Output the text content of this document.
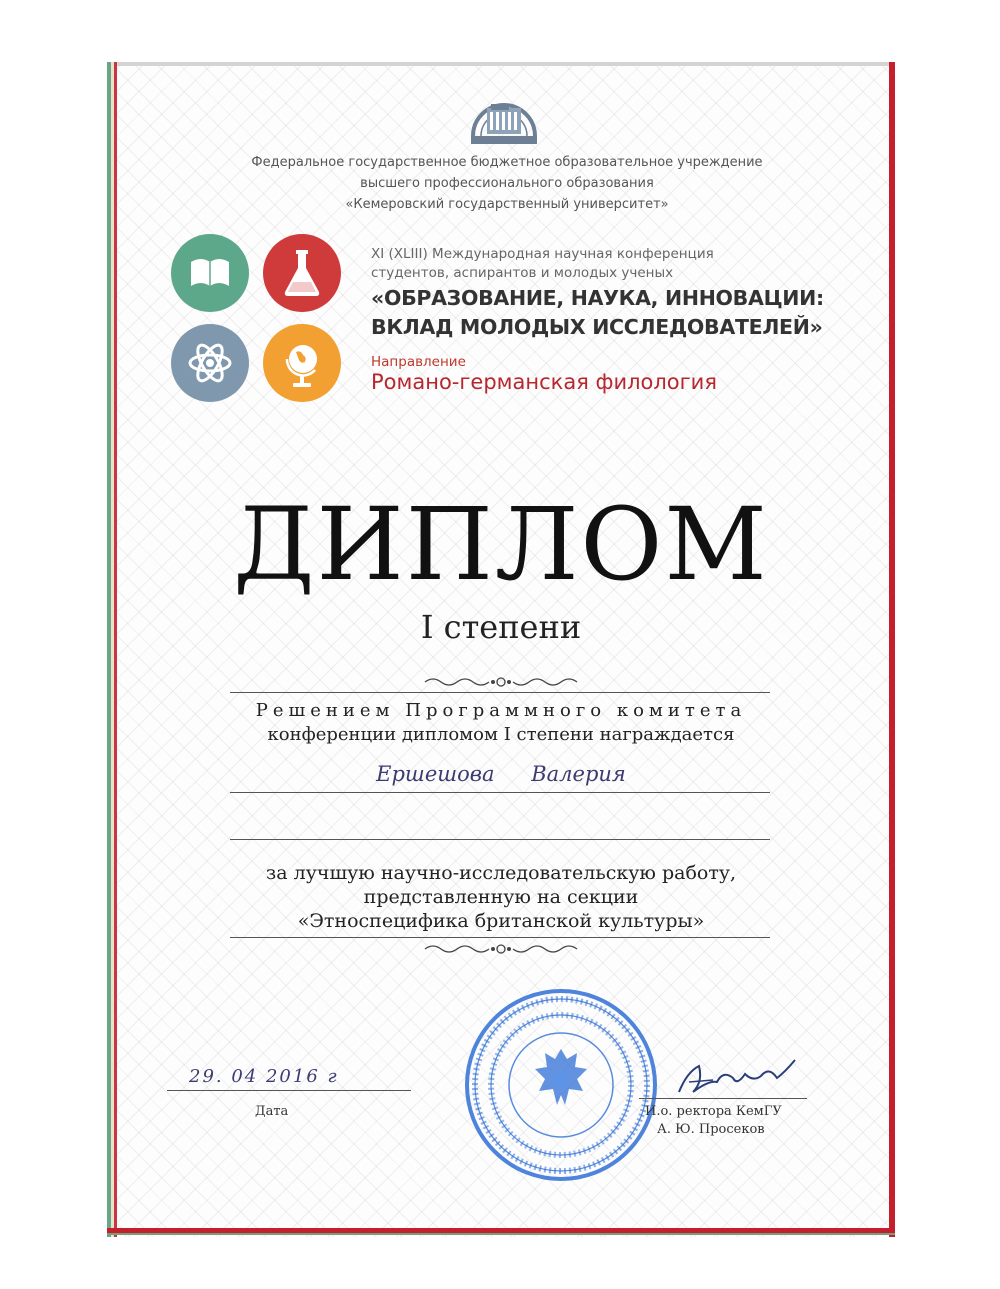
Федеральное государственное бюджетное образовательное учреждение
высшего профессионального образования
«Кемеровский государственный университет»
XI (XLIII) Международная научная конференция
студентов, аспирантов и молодых ученых
«ОБРАЗОВАНИЕ, НАУКА, ИННОВАЦИИ:
ВКЛАД МОЛОДЫХ ИССЛЕДОВАТЕЛЕЙ»
Направление
Романо-германская филология
ДИПЛОМ
I степени
Решением Программного комитета
конференции дипломом I степени награждается
Ершешова Валерия
за лучшую научно-исследовательскую работу,
представленную на секции
«Этноспецифика британской культуры»
29. 04 2016 г
Дата	И.о. ректора КемГУ
А. Ю. Просеков
